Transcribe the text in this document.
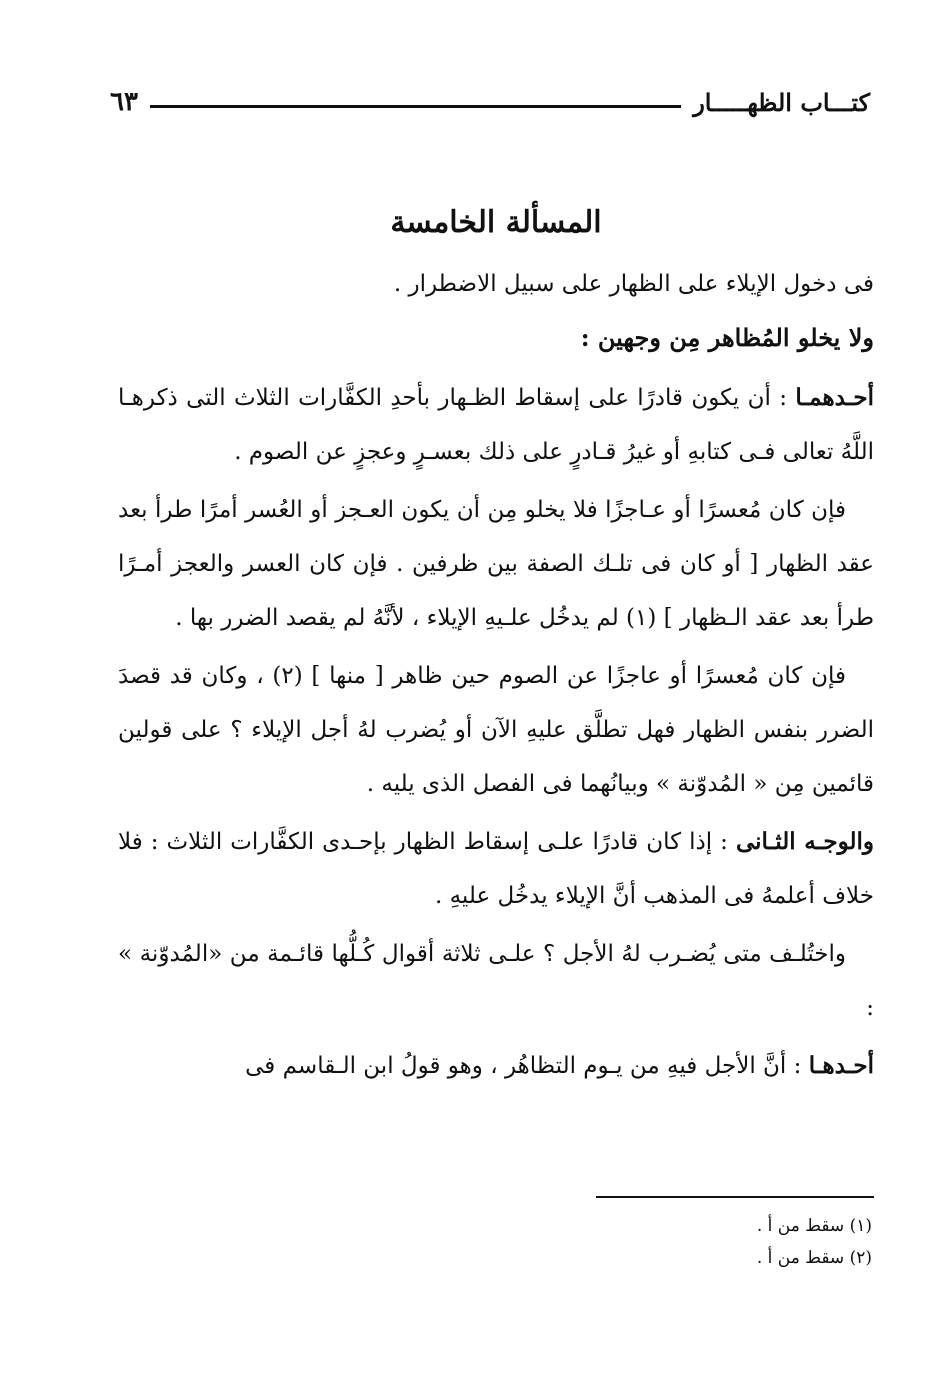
كتـــاب الظهـــــار
٦٣
المسألة الخامسة

فى دخول الإيلاء على الظهار على سبيل الاضطرار .

ولا يخلو المُظاهر مِن وجهين :

أحـدهمـا : أن يكون قادرًا على إسقاط الظـهار بأحدِ الكفَّارات الثلاث التى ذكرهـا اللَّهُ تعالى فـى كتابهِ أو غيرُ قـادرٍ على ذلك بعسـرٍ وعجزٍ عن الصوم .

فإن كان مُعسرًا أو عـاجزًا فلا يخلو مِن أن يكون العـجز أو العُسر أمرًا طرأ بعد عقد الظهار [ أو كان فى تلـك الصفة بين ظرفين . فإن كان العسر والعجز أمـرًا طرأ بعد عقد الـظهار ] (١) لم يدخُل علـيهِ الإيلاء ، لأنَّهُ لم يقصد الضرر بها .

فإن كان مُعسرًا أو عاجزًا عن الصوم حين ظاهر [ منها ] (٢) ، وكان قد قصدَ الضرر بنفس الظهار فهل تطلَّق عليهِ الآن أو يُضرب لهُ أجل الإيلاء ؟ على قولين قائمين مِن « المُدوّنة » وبيانُهما فى الفصل الذى يليه .

والوجـه الثـانى : إذا كان قادرًا علـى إسقاط الظهار بإحـدى الكفَّارات الثلاث : فلا خلاف أعلمهُ فى المذهب أنَّ الإيلاء يدخُل عليهِ .

واختُلـف متى يُضـرب لهُ الأجل ؟ علـى ثلاثة أقوال كُـلُّها قائـمة من «المُدوّنة » :

أحـدهـا : أنَّ الأجل فيهِ من يـوم التظاهُر ، وهو قولُ ابن الـقاسم فى

(١) سقط من أ .
(٢) سقط من أ .
